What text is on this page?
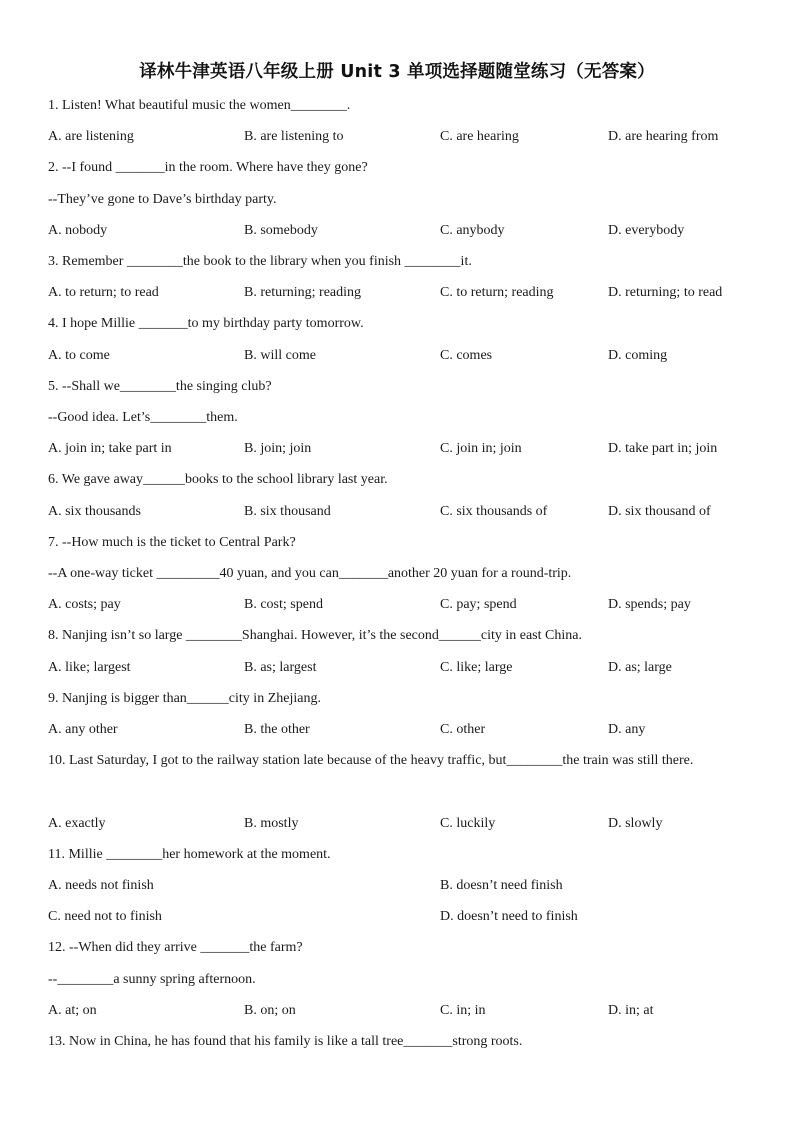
译林牛津英语八年级上册 Unit 3 单项选择题随堂练习（无答案）
1. Listen! What beautiful music the women________.
A. are listening	B. are listening to	C. are hearing	D. are hearing from
2. --I found _______in the room. Where have they gone?
--They’ve gone to Dave’s birthday party.
A. nobody	B. somebody	C. anybody	D. everybody
3. Remember ________the book to the library when you finish ________it.
A. to return; to read	B. returning; reading	C. to return; reading	D. returning; to read
4. I hope Millie _______to my birthday party tomorrow.
A. to come	B. will come	C. comes	D. coming
5. --Shall we________the singing club?
--Good idea. Let’s________them.
A. join in; take part in	B. join; join	C. join in; join	D. take part in; join
6. We gave away______books to the school library last year.
A. six thousands	B. six thousand	C. six thousands of	D. six thousand of
7. --How much is the ticket to Central Park?
--A one-way ticket _________40 yuan, and you can_______another 20 yuan for a round-trip.
A. costs; pay	B. cost; spend	C. pay; spend	D. spends; pay
8. Nanjing isn’t so large ________Shanghai. However, it’s the second______city in east China.
A. like; largest	B. as; largest	C. like; large	D. as; large
9. Nanjing is bigger than______city in Zhejiang.
A. any other	B. the other	C. other	D. any
10. Last Saturday, I got to the railway station late because of the heavy traffic, but________the train was still there.
A. exactly	B. mostly	C. luckily	D. slowly
11. Millie ________her homework at the moment.
A. needs not finish	B. doesn’t need finish
C. need not to finish	D. doesn’t need to finish
12. --When did they arrive _______the farm?
--________a sunny spring afternoon.
A. at; on	B. on; on	C. in; in	D. in; at
13. Now in China, he has found that his family is like a tall tree_______strong roots.
